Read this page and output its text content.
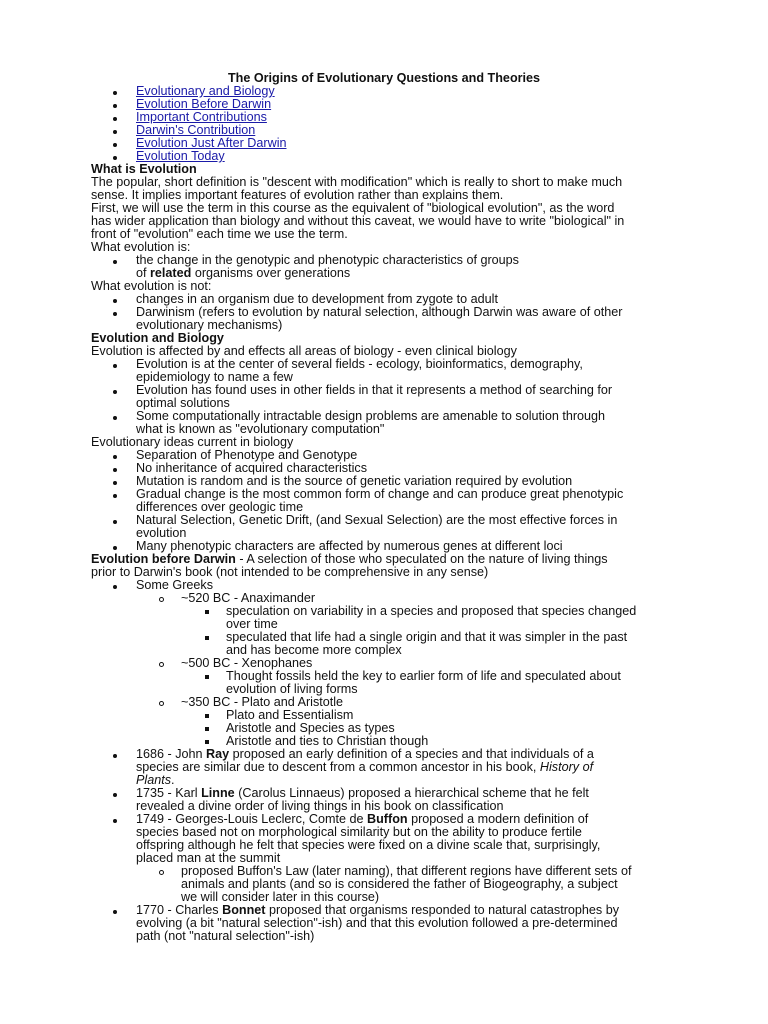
The Origins of Evolutionary Questions and Theories
Evolutionary and Biology
Evolution Before Darwin
Important Contributions
Darwin's Contribution
Evolution Just After Darwin
Evolution Today
What is Evolution
The popular, short definition is "descent with modification" which is really to short to make much
sense. It implies important features of evolution rather than explains them.
First, we will use the term in this course as the equivalent of "biological evolution", as the word
has wider application than biology and without this caveat, we would have to write "biological" in
front of "evolution" each time we use the term.
What evolution is:
the change in the genotypic and phenotypic characteristics of groups
of related organisms over generations
What evolution is not:
changes in an organism due to development from zygote to adult
Darwinism (refers to evolution by natural selection, although Darwin was aware of other
evolutionary mechanisms)
Evolution and Biology
Evolution is affected by and effects all areas of biology - even clinical biology
Evolution is at the center of several fields - ecology, bioinformatics, demography,
epidemiology to name a few
Evolution has found uses in other fields in that it represents a method of searching for
optimal solutions
Some computationally intractable design problems are amenable to solution through
what is known as "evolutionary computation"
Evolutionary ideas current in biology
Separation of Phenotype and Genotype
No inheritance of acquired characteristics
Mutation is random and is the source of genetic variation required by evolution
Gradual change is the most common form of change and can produce great phenotypic
differences over geologic time
Natural Selection, Genetic Drift, (and Sexual Selection) are the most effective forces in
evolution
Many phenotypic characters are affected by numerous genes at different loci
Evolution before Darwin - A selection of those who speculated on the nature of living things
prior to Darwin's book (not intended to be comprehensive in any sense)
Some Greeks
~520 BC - Anaximander
speculation on variability in a species and proposed that species changed
over time
speculated that life had a single origin and that it was simpler in the past
and has become more complex
~500 BC - Xenophanes
Thought fossils held the key to earlier form of life and speculated about
evolution of living forms
~350 BC - Plato and Aristotle
Plato and Essentialism
Aristotle and Species as types
Aristotle and ties to Christian though
1686 - John Ray proposed an early definition of a species and that individuals of a
species are similar due to descent from a common ancestor in his book, History of
Plants.
1735 - Karl Linne (Carolus Linnaeus) proposed a hierarchical scheme that he felt
revealed a divine order of living things in his book on classification
1749 - Georges-Louis Leclerc, Comte de Buffon proposed a modern definition of
species based not on morphological similarity but on the ability to produce fertile
offspring although he felt that species were fixed on a divine scale that, surprisingly,
placed man at the summit
proposed Buffon's Law (later naming), that different regions have different sets of
animals and plants (and so is considered the father of Biogeography, a subject
we will consider later in this course)
1770 - Charles Bonnet proposed that organisms responded to natural catastrophes by
evolving (a bit "natural selection"-ish) and that this evolution followed a pre-determined
path (not "natural selection"-ish)
